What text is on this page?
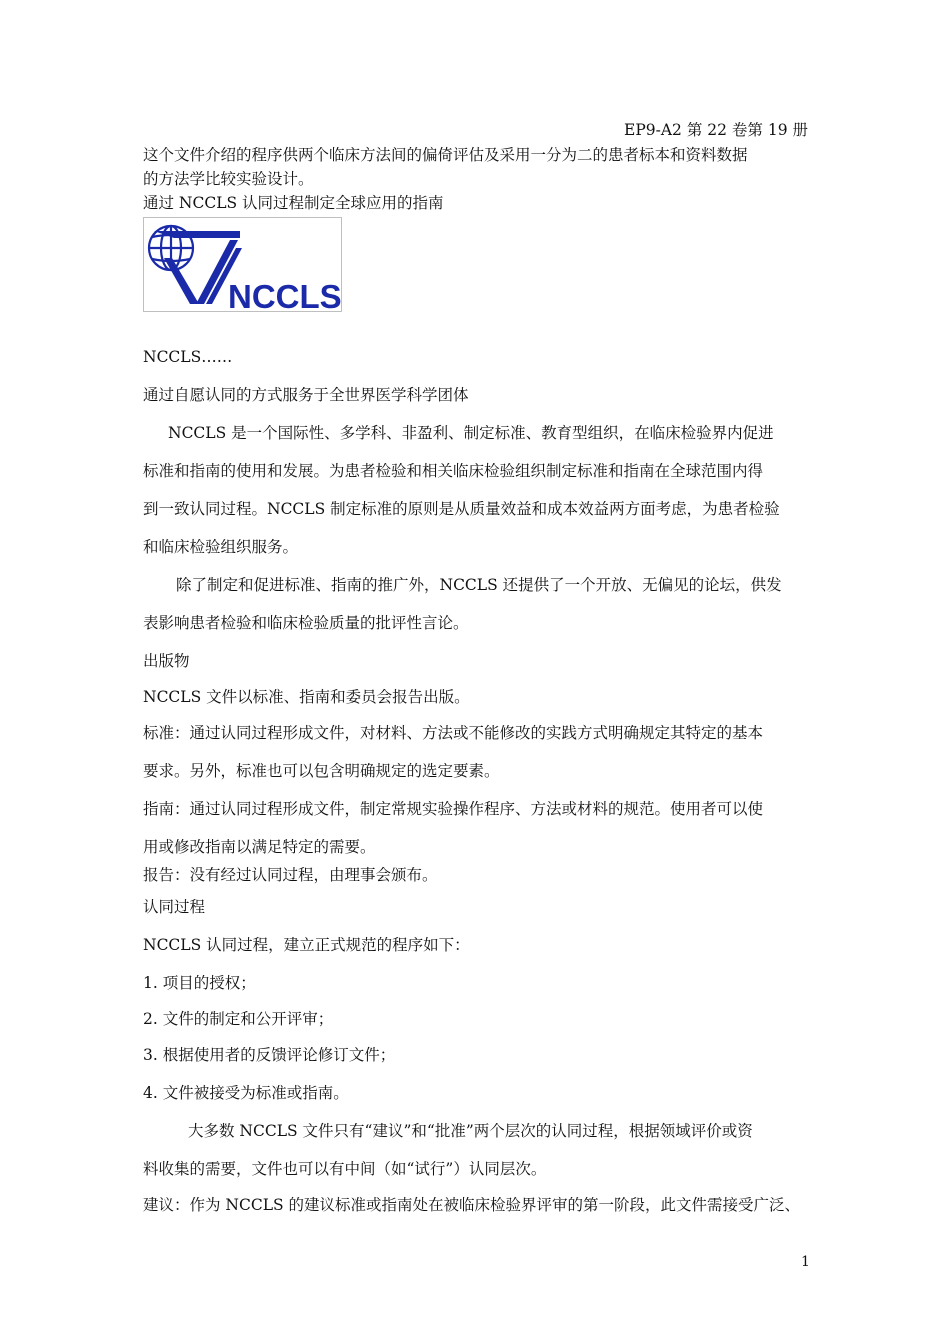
EP9-A2 第 22 卷第 19 册
这个文件介绍的程序供两个临床方法间的偏倚评估及采用一分为二的患者标本和资料数据
的方法学比较实验设计。
通过 NCCLS 认同过程制定全球应用的指南
NCCLS
NCCLS……
通过自愿认同的方式服务于全世界医学科学团体
NCCLS 是一个国际性、多学科、非盈利、制定标准、教育型组织，在临床检验界内促进
标准和指南的使用和发展。为患者检验和相关临床检验组织制定标准和指南在全球范围内得
到一致认同过程。NCCLS 制定标准的原则是从质量效益和成本效益两方面考虑，为患者检验
和临床检验组织服务。
除了制定和促进标准、指南的推广外，NCCLS 还提供了一个开放、无偏见的论坛，供发
表影响患者检验和临床检验质量的批评性言论。
出版物
NCCLS 文件以标准、指南和委员会报告出版。
标准：通过认同过程形成文件，对材料、方法或不能修改的实践方式明确规定其特定的基本
要求。另外，标准也可以包含明确规定的选定要素。
指南：通过认同过程形成文件，制定常规实验操作程序、方法或材料的规范。使用者可以使
用或修改指南以满足特定的需要。
报告：没有经过认同过程，由理事会颁布。
认同过程
NCCLS 认同过程，建立正式规范的程序如下：
1. 项目的授权；
2. 文件的制定和公开评审；
3. 根据使用者的反馈评论修订文件；
4. 文件被接受为标准或指南。
大多数 NCCLS 文件只有“建议”和“批准”两个层次的认同过程，根据领域评价或资
料收集的需要，文件也可以有中间（如“试行”）认同层次。
建议：作为 NCCLS 的建议标准或指南处在被临床检验界评审的第一阶段，此文件需接受广泛、
1
